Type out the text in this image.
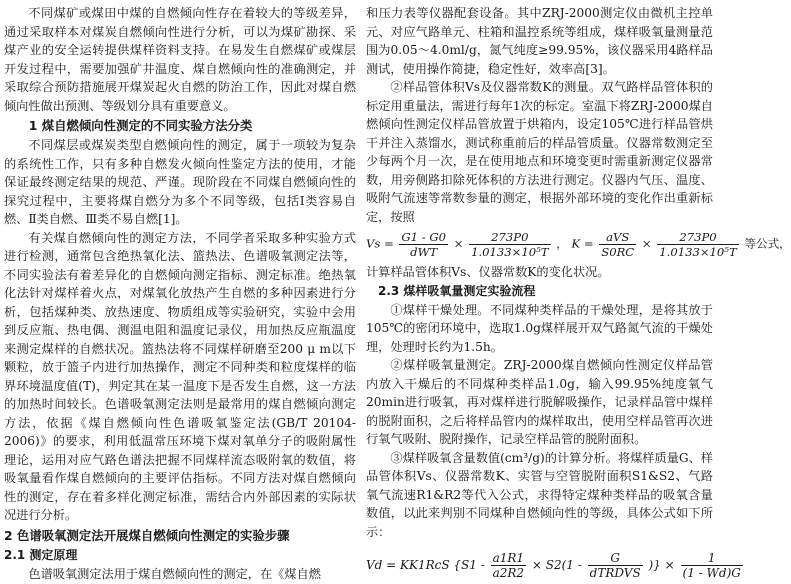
不同煤矿或煤田中煤的自燃倾向性存在着较大的等级差异，通过采取样本对煤炭自燃倾向性进行分析，可以为煤矿勘探、采煤产业的安全运转提供煤样资料支持。在易发生自燃煤矿或煤层开发过程中，需要加强矿井温度、煤自燃倾向性的准确测定，并采取综合预防措施展开煤炭起火自燃的防治工作，因此对煤自燃倾向性做出预测、等级划分具有重要意义。

1 煤自燃倾向性测定的不同实验方法分类

不同煤层或煤炭类型自燃倾向性的测定，属于一项较为复杂的系统性工作，只有多种自燃发火倾向性鉴定方法的使用，才能保证最终测定结果的规范、严谨。现阶段在不同煤自燃倾向性的探究过程中，主要将煤自燃分为多个不同等级，包括Ⅰ类容易自燃、Ⅱ类自燃、Ⅲ类不易自燃[1]。

有关煤自燃倾向性的测定方法，不同学者采取多种实验方式进行检测，通常包含绝热氧化法、篮热法、色谱吸氧测定法等，不同实验法有着差异化的自燃倾向测定指标、测定标准。绝热氧化法针对煤样着火点，对煤氧化放热产生自燃的多种因素进行分析，包括煤种类、放热速度、物质组成等实验研究，实验中会用到反应瓶、热电偶、测温电阻和温度记录仪，用加热反应瓶温度来测定煤样的自燃状况。篮热法将不同煤样研磨至200 μ m以下颗粒，放于篮子内进行加热操作，测定不同种类和粒度煤样的临界环境温度值(T)，判定其在某一温度下是否发生自燃，这一方法的加热时间较长。色谱吸氧测定法则是最常用的煤自燃倾向测定方法，依据《煤自燃倾向性色谱吸氧鉴定法(GB/T 20104-2006)》的要求，利用低温常压环境下煤对氧单分子的吸附属性理论，运用对应气路色谱法把握不同煤样流态吸附氧的数值，将吸氧量看作煤自燃倾向的主要评估指标。不同方法对煤自燃倾向性的测定，存在着多样化测定标准，需结合内外部因素的实际状况进行分析。

2 色谱吸氧测定法开展煤自燃倾向性测定的实验步骤
2.1 测定原理

色谱吸氧测定法用于煤自燃倾向性的测定，在《煤自燃

和压力表等仪器配套设备。其中ZRJ-2000测定仪由微机主控单元、对应气路单元、柱箱和温控系统等组成，煤样吸氧量测量范围为0.05～4.0ml/g，氮气纯度≥99.95%，该仪器采用4路样品测试，使用操作简捷，稳定性好，效率高[3]。

②样品管体积Vs及仪器常数K的测量。双气路样品管体积的标定用重量法，需进行每年1次的标定。室温下将ZRJ-2000煤自燃倾向性测定仪样品管放置于烘箱内，设定105℃进行样品管烘干并注入蒸馏水，测试称重前后的样品管质量。仪器常数测定至少每两个月一次，是在使用地点和环境变更时需重新测定仪器常数，用旁侧路扣除死体积的方法进行测定。仪器内气压、温度、吸附气流速等常数参量的测定，根据外部环境的变化作出重新标定，按照

$Vs = \frac{G1 - G0}{\text{dWT}} \times \frac{273P0}{\text{1.0133×10⁵T}}$ ， $K = \frac{\text{aVS}}{S0RC} \times \frac{273P0}{\text{1.0133×10⁵T}}$ 等公式，

计算样品管体积Vs、仪器常数K的变化状况。

2.3 煤样吸氧量测定实验流程

①煤样干燥处理。不同煤种类样品的干燥处理，是将其放于105℃的密闭环境中，选取1.0g煤样展开双气路氮气流的干燥处理，处理时长约为1.5h。

②煤样吸氧量测定。ZRJ-2000煤自燃倾向性测定仪样品管内放入干燥后的不同煤种类样品1.0g，输入99.95%纯度氧气20min进行吸氧，再对煤样进行脱解吸操作，记录样品管中煤样的脱附面积，之后将样品管内的煤样取出，使用空样品管再次进行氧气吸附、脱附操作，记录空样品管的脱附面积。

③煤样吸氧含量数值(cm³/g)的计算分析。将煤样质量G、样品管体积Vs、仪器常数K、实管与空管脱附面积S1&S2、气路氧气流速R1&R2等代入公式，求得特定煤种类样品的吸氧含量数值，以此来判别不同煤种自燃倾向性的等级，具体公式如下所示：

Vd = KK1RcS {$S1 - \frac{a1R1}{a2R2} \times S2(1 - \frac{G}{\text{dTRDVS}}$ )} × $\frac{1}{(1 - Wd)G}$
